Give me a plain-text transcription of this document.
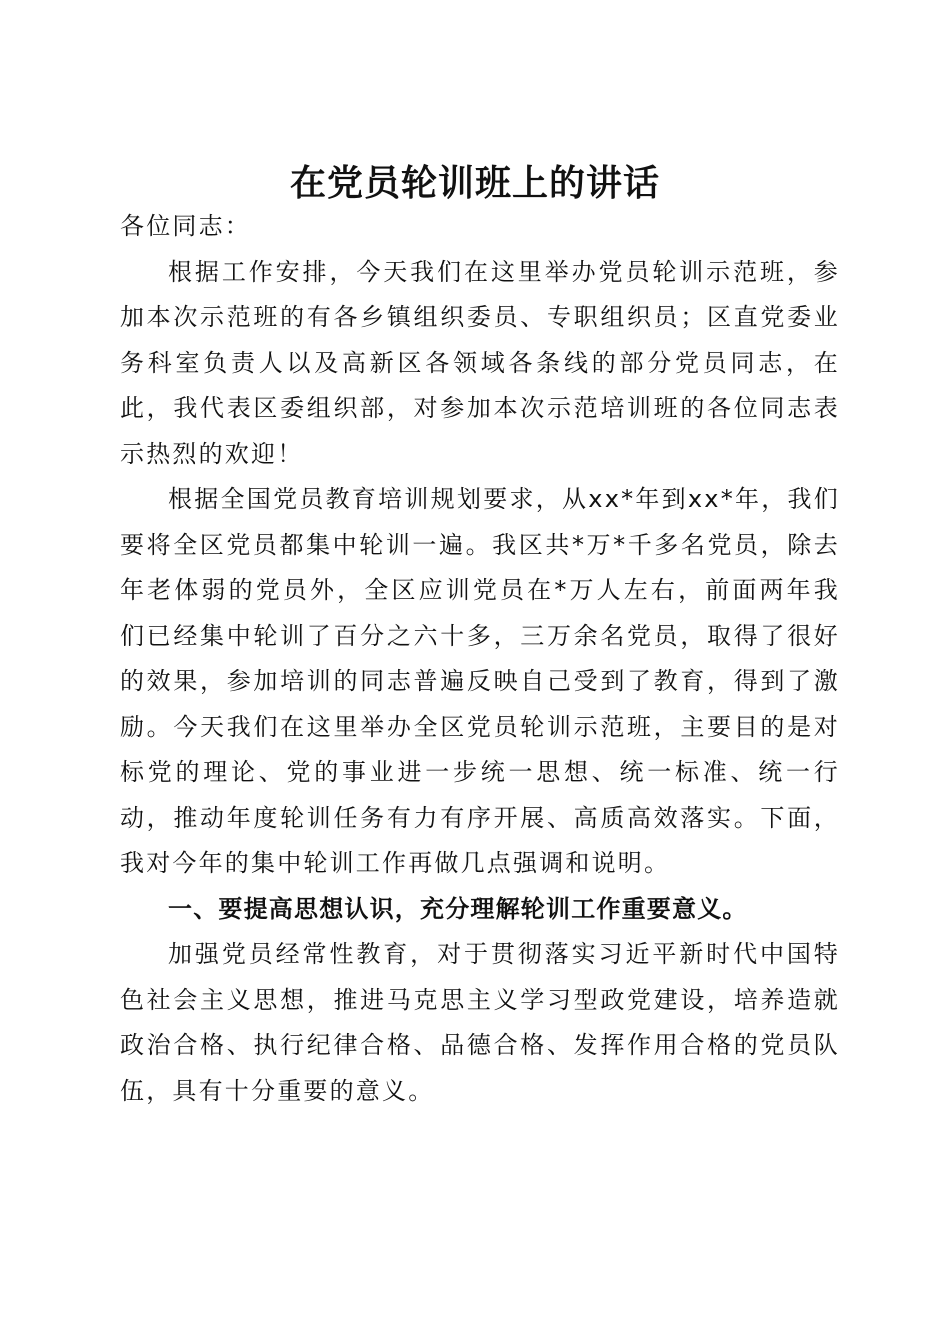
在党员轮训班上的讲话

各位同志：

根据工作安排，今天我们在这里举办党员轮训示范班，参加本次示范班的有各乡镇组织委员、专职组织员；区直党委业务科室负责人以及高新区各领域各条线的部分党员同志，在此，我代表区委组织部，对参加本次示范培训班的各位同志表示热烈的欢迎！

根据全国党员教育培训规划要求，从xx*年到xx*年，我们要将全区党员都集中轮训一遍。我区共*万*千多名党员，除去年老体弱的党员外，全区应训党员在*万人左右，前面两年我们已经集中轮训了百分之六十多，三万余名党员，取得了很好的效果，参加培训的同志普遍反映自己受到了教育，得到了激励。今天我们在这里举办全区党员轮训示范班，主要目的是对标党的理论、党的事业进一步统一思想、统一标准、统一行动，推动年度轮训任务有力有序开展、高质高效落实。下面，我对今年的集中轮训工作再做几点强调和说明。

一、要提高思想认识，充分理解轮训工作重要意义。

加强党员经常性教育，对于贯彻落实习近平新时代中国特色社会主义思想，推进马克思主义学习型政党建设，培养造就政治合格、执行纪律合格、品德合格、发挥作用合格的党员队伍，具有十分重要的意义。
